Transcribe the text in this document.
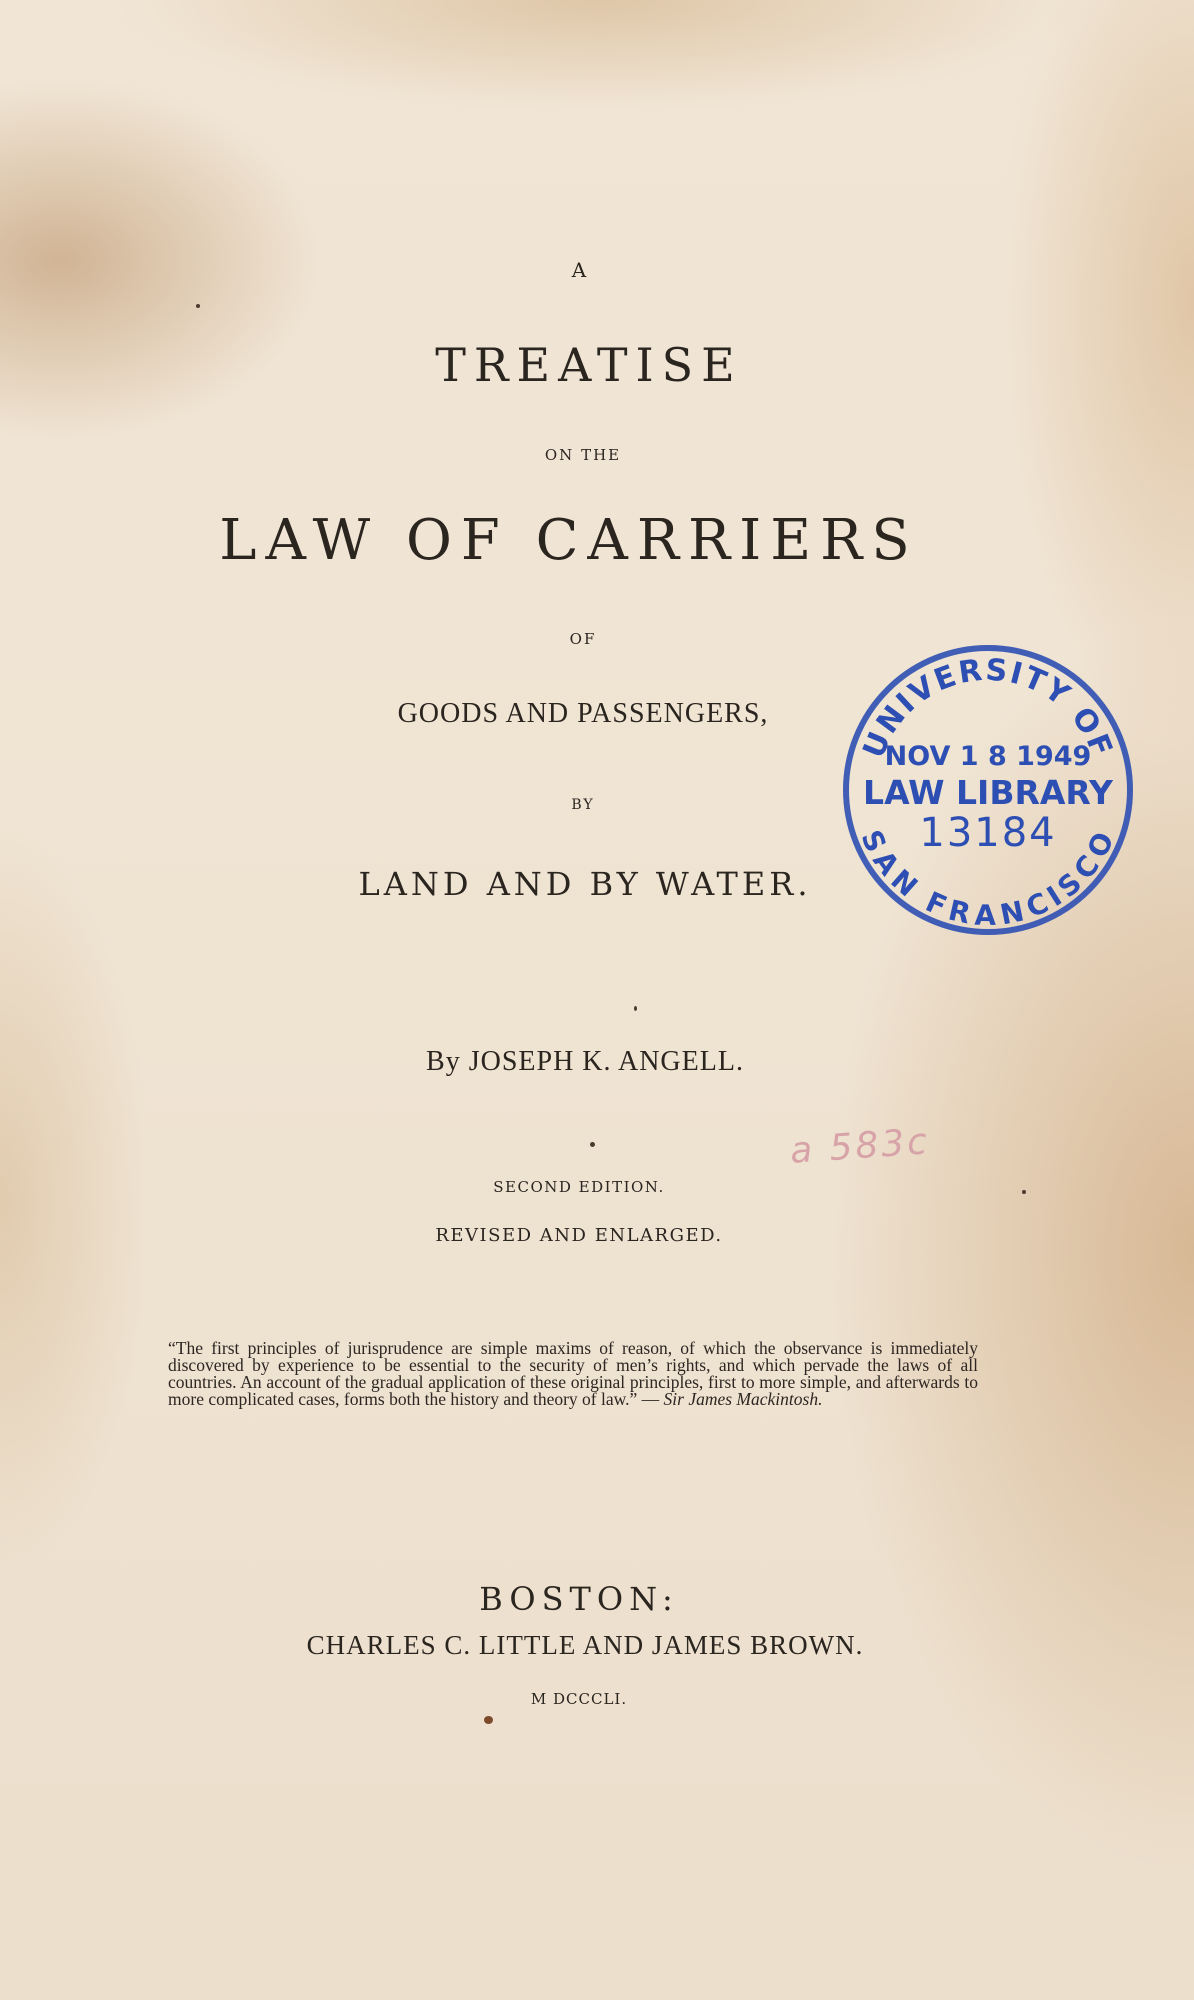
A
TREATISE
ON THE
LAW OF CARRIERS
OF
GOODS AND PASSENGERS,
BY
LAND AND BY WATER.
By JOSEPH K. ANGELL.
SECOND EDITION.
REVISED AND ENLARGED.
“The first principles of jurisprudence are simple maxims of reason, of which the observance is immediately discovered by experience to be essential to the security of men’s rights, and which pervade the laws of all countries. An account of the gradual application of these original principles, first to more simple, and afterwards to more complicated cases, forms both the history and theory of law.” — Sir James Mackintosh.
BOSTON:
CHARLES C. LITTLE AND JAMES BROWN.
M DCCCLI.
a 583c
UNIVERSITY OF
NOV 1 8 1949
LAW LIBRARY
13184
SAN FRANCISCO
